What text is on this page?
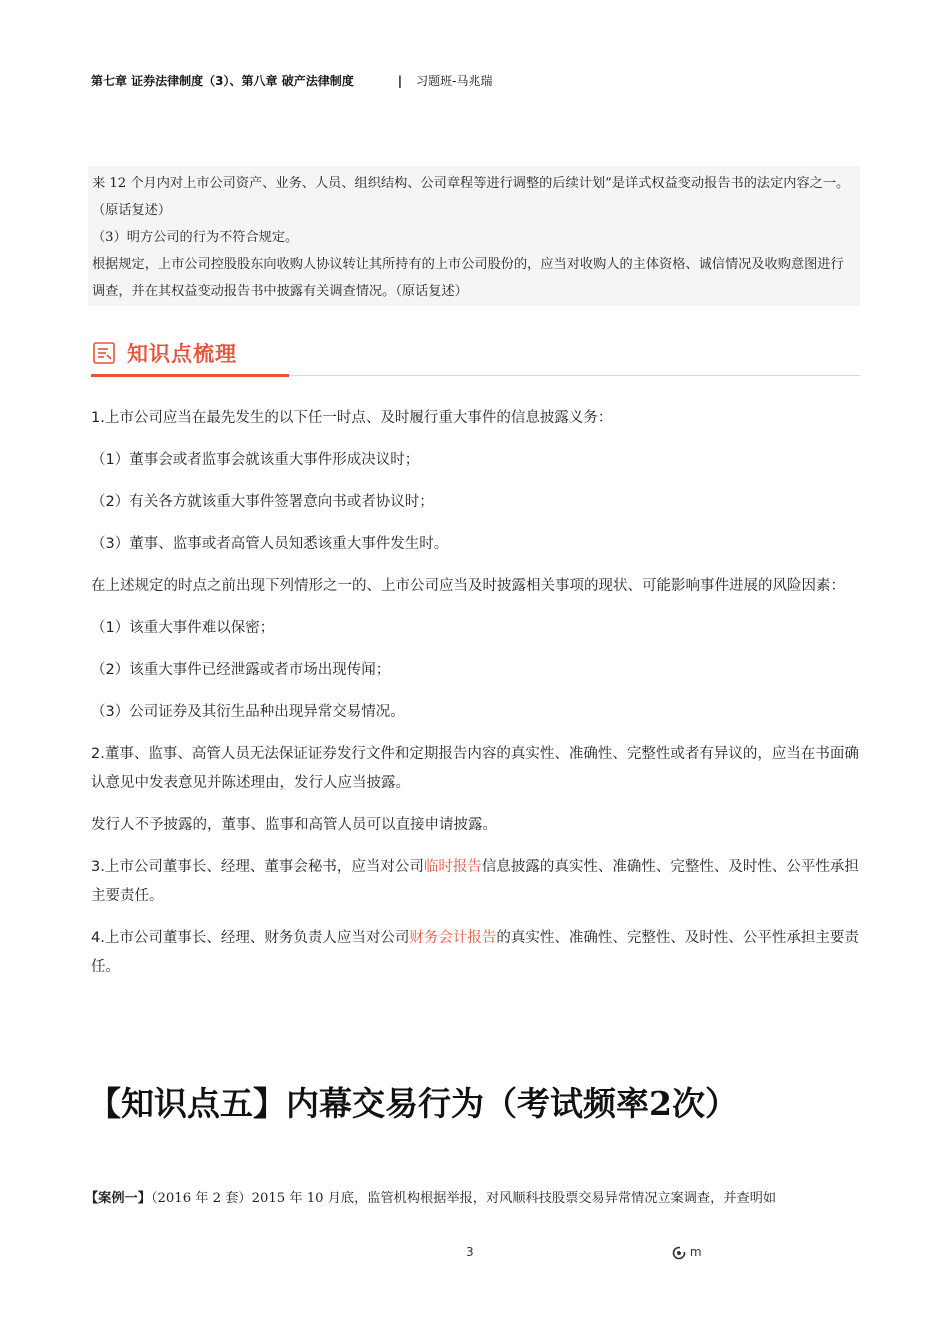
第七章 证券法律制度（3）、第八章 破产法律制度	| 习题班-马兆瑞

来 12 个月内对上市公司资产、业务、人员、组织结构、公司章程等进行调整的后续计划”是详式权益变动报告书的法定内容之一。（原话复述）

（3）明方公司的行为不符合规定。

根据规定，上市公司控股股东向收购人协议转让其所持有的上市公司股份的，应当对收购人的主体资格、诚信情况及收购意图进行调查，并在其权益变动报告书中披露有关调查情况。（原话复述）

知识点梳理

1.上市公司应当在最先发生的以下任一时点、及时履行重大事件的信息披露义务：

（1）董事会或者监事会就该重大事件形成决议时；

（2）有关各方就该重大事件签署意向书或者协议时；

（3）董事、监事或者高管人员知悉该重大事件发生时。

在上述规定的时点之前出现下列情形之一的、上市公司应当及时披露相关事项的现状、可能影响事件进展的风险因素：

（1）该重大事件难以保密；

（2）该重大事件已经泄露或者市场出现传闻；

（3）公司证券及其衍生品种出现异常交易情况。

2.董事、监事、高管人员无法保证证券发行文件和定期报告内容的真实性、准确性、完整性或者有异议的，应当在书面确认意见中发表意见并陈述理由，发行人应当披露。

发行人不予披露的，董事、监事和高管人员可以直接申请披露。

3.上市公司董事长、经理、董事会秘书，应当对公司临时报告信息披露的真实性、准确性、完整性、及时性、公平性承担主要责任。

4.上市公司董事长、经理、财务负责人应当对公司财务会计报告的真实性、准确性、完整性、及时性、公平性承担主要责任。

【知识点五】内幕交易行为（考试频率2次）
【案例一】（2016 年 2 套）2015 年 10 月底，监管机构根据举报，对风顺科技股票交易异常情况立案调查，并查明如
3	m
